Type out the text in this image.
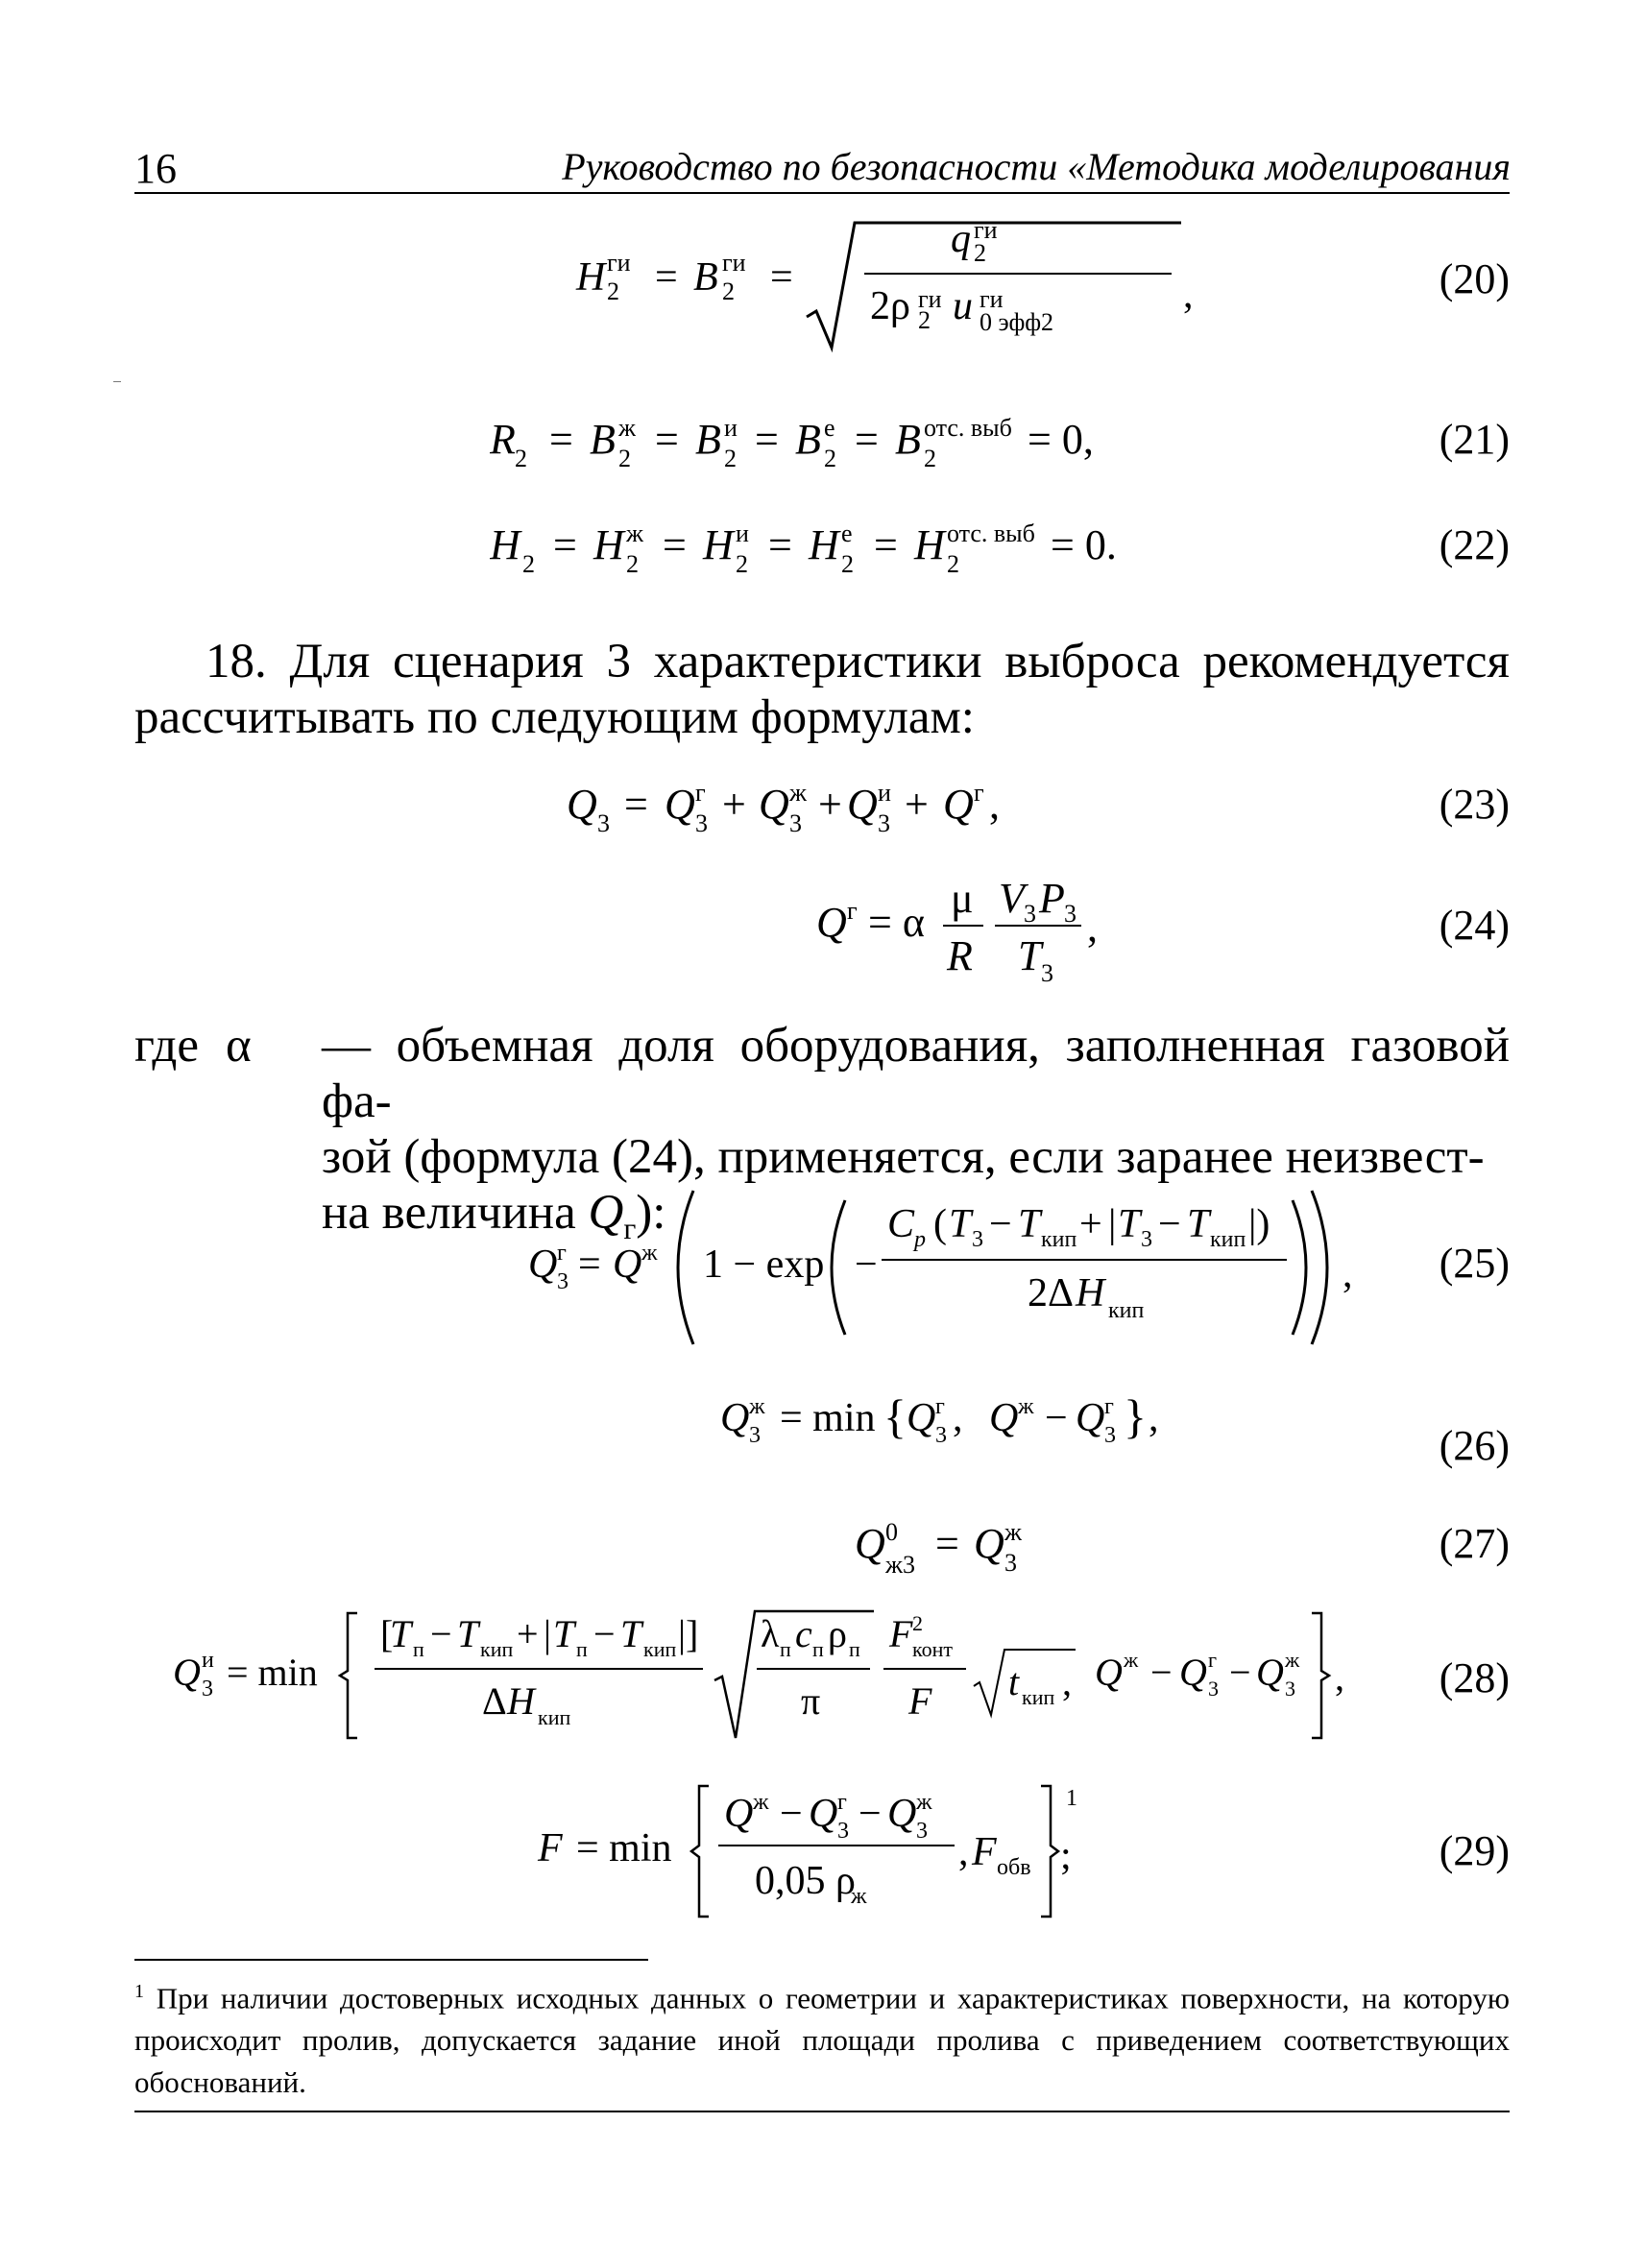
16	Руководство по безопасности «Методика моделирования
H ги
2 = B ги
2 =
q ги
2
2ρ ги
2 u ги
0 эфф2
,	(20)
R 2 = B ж
2 = B и
2 = B е
2 = B отс. выб
2 = 0,	(21)
H 2 = H ж
2 = H и
2 = H е
2 = H отс. выб
2 = 0.	(22)
18. Для сценария 3 характеристики выброса рекомендуется рассчитывать по следующим формулам:
Q 3 = Q г
3 + Q ж
3 + Q и
3 + Q г ,	(23)
Q г = α
μ
R
V 3 P 3
T 3
,	(24)
где α — объемная доля оборудования, заполненная газовой фа-
зой (формула (24), применяется, если заранее неизвест-
на величина $Q_г$):
Q г
3 = Q ж 1 − exp −
C p ( T 3 − T кип + | T 3 − T кип |)
2Δ H кип
, (25)
Q ж
3 = min { Q г
3 , Q ж − Q г
3 } ,
(26)
Q 0
ж3 = Q ж
3	(27)
Q и
3 = min
[
T п − T кип + | T п − T кип |]
Δ H кип
λ п c п ρ п
π
F 2
конт
F t кип , Q ж − Q г
3 − Q ж
3 , (28)
F = min
Q ж − Q г
3 − Q ж
3
0,05 ρ
ж
, F обв
1
;	(29)
$^1$ При наличии достоверных исходных данных о геометрии и характеристиках поверхности, на которую происходит пролив, допускается задание иной площади пролива с приведением соответствующих обоснований.
